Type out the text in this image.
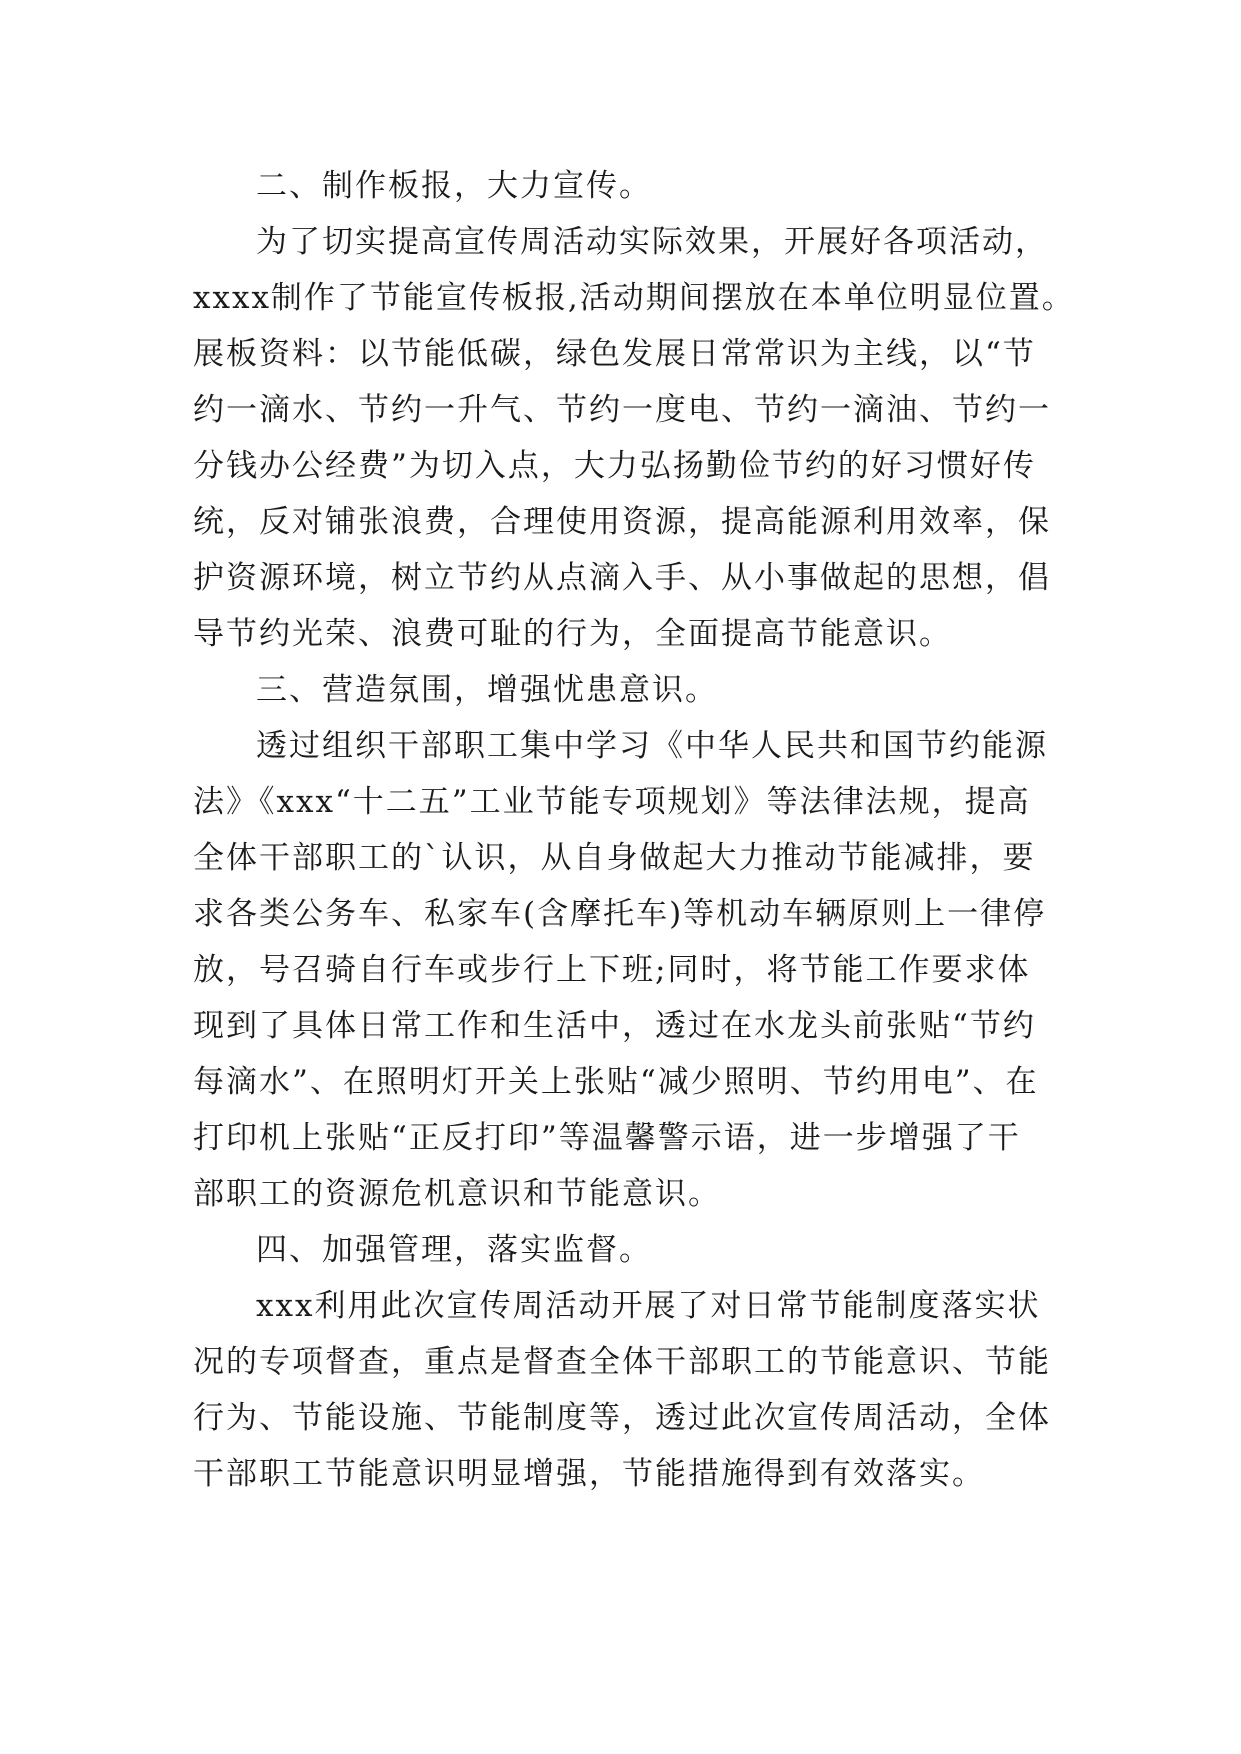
二、制作板报，大力宣传。
为了切实提高宣传周活动实际效果，开展好各项活动，
xxxx制作了节能宣传板报,活动期间摆放在本单位明显位置。
展板资料：以节能低碳，绿色发展日常常识为主线，以“节
约一滴水、节约一升气、节约一度电、节约一滴油、节约一
分钱办公经费”为切入点，大力弘扬勤俭节约的好习惯好传
统，反对铺张浪费，合理使用资源，提高能源利用效率，保
护资源环境，树立节约从点滴入手、从小事做起的思想，倡
导节约光荣、浪费可耻的行为，全面提高节能意识。
三、营造氛围，增强忧患意识。
透过组织干部职工集中学习《中华人民共和国节约能源
法》《xxx“十二五”工业节能专项规划》等法律法规，提高
全体干部职工的`认识，从自身做起大力推动节能减排，要
求各类公务车、私家车(含摩托车)等机动车辆原则上一律停
放，号召骑自行车或步行上下班;同时，将节能工作要求体
现到了具体日常工作和生活中，透过在水龙头前张贴“节约
每滴水”、在照明灯开关上张贴“减少照明、节约用电”、在
打印机上张贴“正反打印”等温馨警示语，进一步增强了干
部职工的资源危机意识和节能意识。
四、加强管理，落实监督。
xxx利用此次宣传周活动开展了对日常节能制度落实状
况的专项督查，重点是督查全体干部职工的节能意识、节能
行为、节能设施、节能制度等，透过此次宣传周活动，全体
干部职工节能意识明显增强，节能措施得到有效落实。
